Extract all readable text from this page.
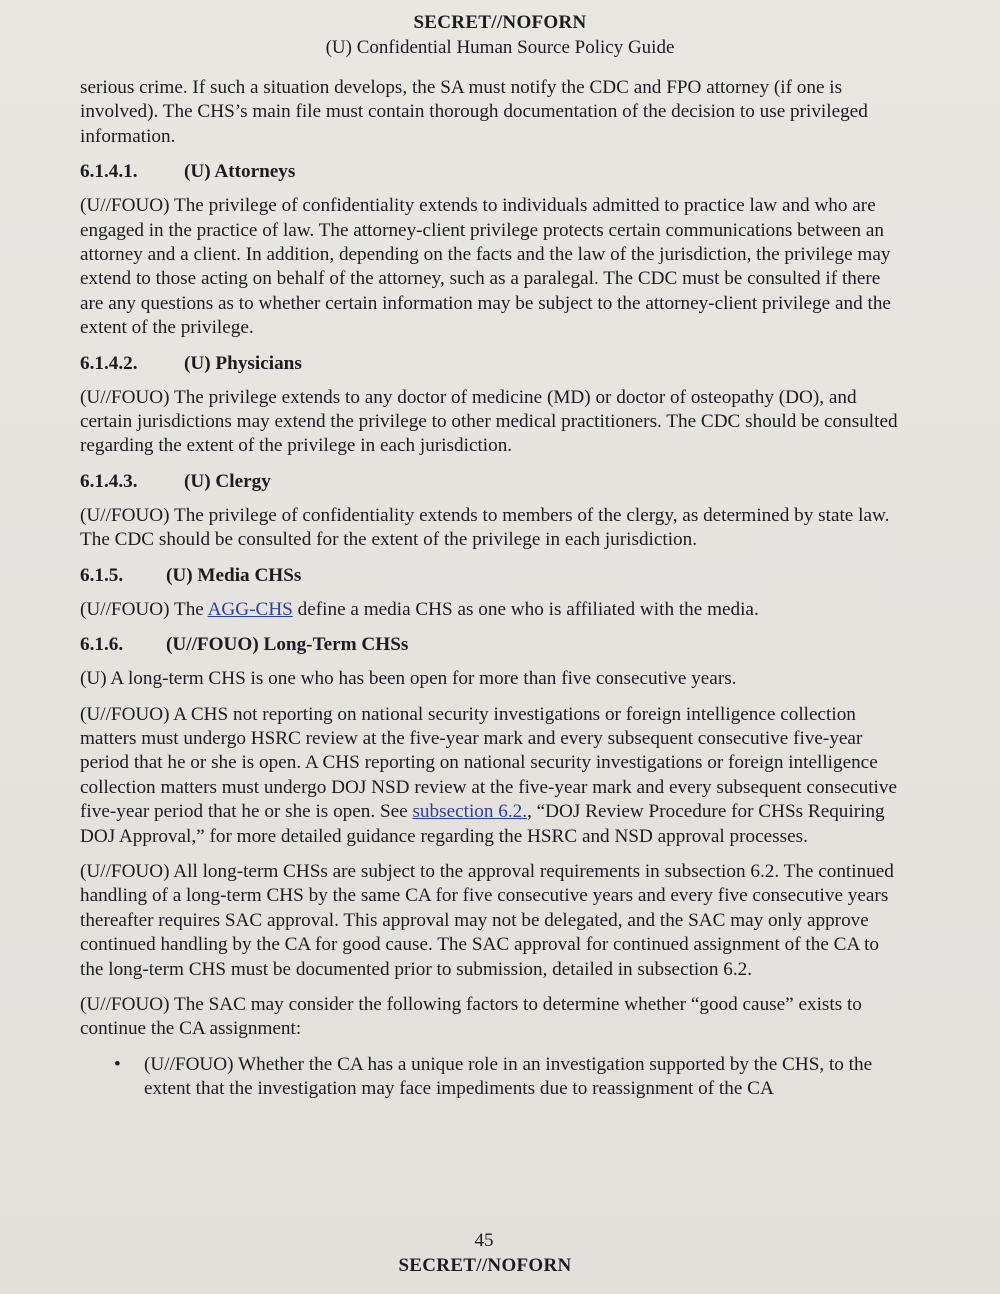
SECRET//NOFORN
(U) Confidential Human Source Policy Guide

serious crime. If such a situation develops, the SA must notify the CDC and FPO attorney (if one is involved). The CHS’s main file must contain thorough documentation of the decision to use privileged information.

6.1.4.1. (U) Attorneys

(U//FOUO) The privilege of confidentiality extends to individuals admitted to practice law and who are engaged in the practice of law. The attorney-client privilege protects certain communications between an attorney and a client. In addition, depending on the facts and the law of the jurisdiction, the privilege may extend to those acting on behalf of the attorney, such as a paralegal. The CDC must be consulted if there are any questions as to whether certain information may be subject to the attorney-client privilege and the extent of the privilege.

6.1.4.2. (U) Physicians

(U//FOUO) The privilege extends to any doctor of medicine (MD) or doctor of osteopathy (DO), and certain jurisdictions may extend the privilege to other medical practitioners. The CDC should be consulted regarding the extent of the privilege in each jurisdiction.

6.1.4.3. (U) Clergy

(U//FOUO) The privilege of confidentiality extends to members of the clergy, as determined by state law. The CDC should be consulted for the extent of the privilege in each jurisdiction.

6.1.5. (U) Media CHSs

(U//FOUO) The AGG-CHS define a media CHS as one who is affiliated with the media.

6.1.6. (U//FOUO) Long-Term CHSs

(U) A long-term CHS is one who has been open for more than five consecutive years.

(U//FOUO) A CHS not reporting on national security investigations or foreign intelligence collection matters must undergo HSRC review at the five-year mark and every subsequent consecutive five-year period that he or she is open. A CHS reporting on national security investigations or foreign intelligence collection matters must undergo DOJ NSD review at the five-year mark and every subsequent consecutive five-year period that he or she is open. See subsection 6.2., “DOJ Review Procedure for CHSs Requiring DOJ Approval,” for more detailed guidance regarding the HSRC and NSD approval processes.

(U//FOUO) All long-term CHSs are subject to the approval requirements in subsection 6.2. The continued handling of a long-term CHS by the same CA for five consecutive years and every five consecutive years thereafter requires SAC approval. This approval may not be delegated, and the SAC may only approve continued handling by the CA for good cause. The SAC approval for continued assignment of the CA to the long-term CHS must be documented prior to submission, detailed in subsection 6.2.

(U//FOUO) The SAC may consider the following factors to determine whether “good cause” exists to continue the CA assignment:

• (U//FOUO) Whether the CA has a unique role in an investigation supported by the CHS, to the extent that the investigation may face impediments due to reassignment of the CA
45
SECRET//NOFORN
